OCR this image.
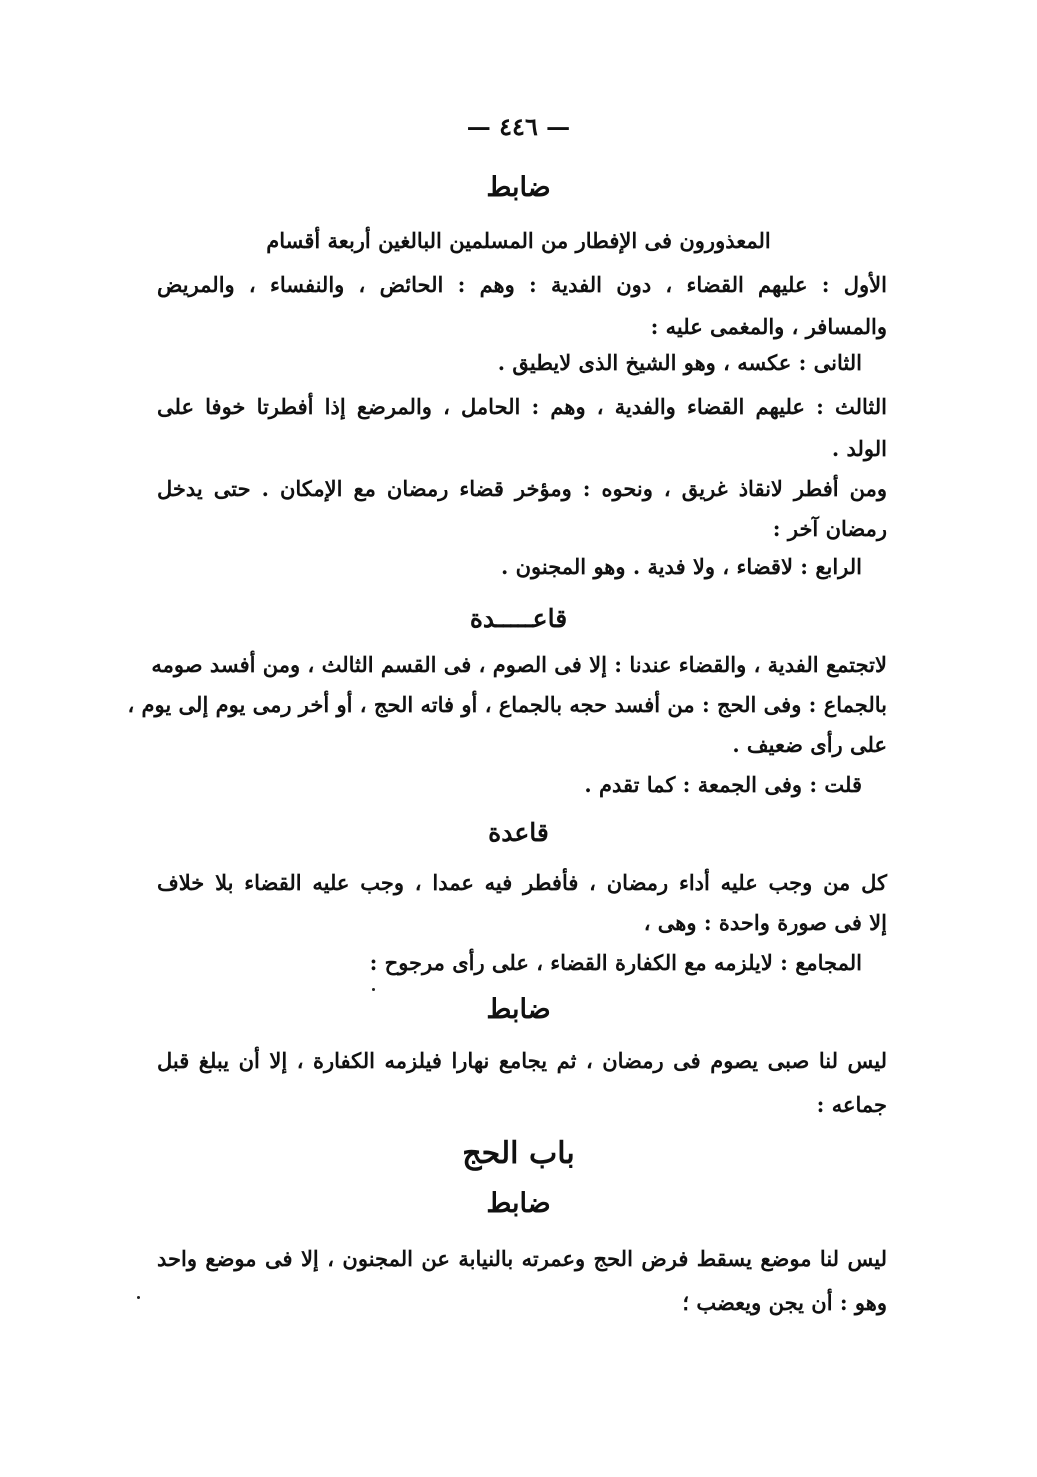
— ٤٤٦ —
ضابط
المعذورون فى الإفطار من المسلمين البالغين أربعة أقسام
الأول : عليهم القضاء ، دون الفدية : وهم : الحائض ، والنفساء ، والمريض
والمسافر ، والمغمى عليه :
الثانى : عكسه ، وهو الشيخ الذى لايطيق .
الثالث : عليهم القضاء والفدية ، وهم : الحامل ، والمرضع إذا أفطرتا خوفا على
الولد .
ومن أفطر لانقاذ غريق ، ونحوه : ومؤخر قضاء رمضان مع الإمكان . حتى يدخل
رمضان آخر :
الرابع : لاقضاء ، ولا فدية . وهو المجنون .
قاعـــــدة
لاتجتمع الفدية ، والقضاء عندنا : إلا فى الصوم ، فى القسم الثالث ، ومن أفسد صومه
بالجماع : وفى الحج : من أفسد حجه بالجماع ، أو فاته الحج ، أو أخر رمى يوم إلى يوم ،
على رأى ضعيف .
قلت : وفى الجمعة : كما تقدم .
قاعدة
كل من وجب عليه أداء رمضان ، فأفطر فيه عمدا ، وجب عليه القضاء بلا خلاف
إلا فى صورة واحدة : وهى ،
المجامع : لايلزمه مع الكفارة القضاء ، على رأى مرجوح :
ضابط
ليس لنا صبى يصوم فى رمضان ، ثم يجامع نهارا فيلزمه الكفارة ، إلا أن يبلغ قبل
جماعه :
باب الحج
ضابط
ليس لنا موضع يسقط فرض الحج وعمرته بالنيابة عن المجنون ، إلا فى موضع واحد
وهو : أن يجن ويعضب ؛
